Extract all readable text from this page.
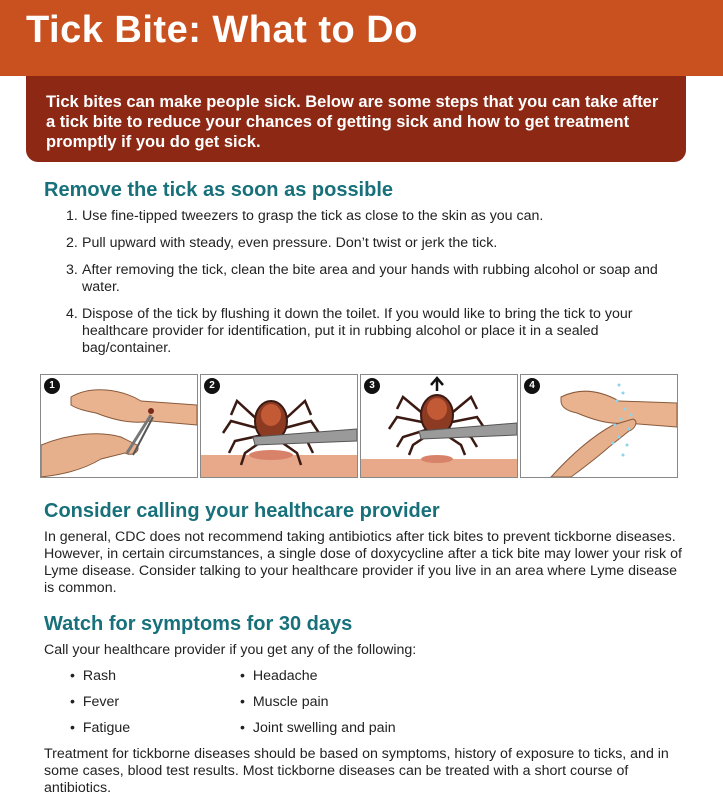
Tick Bite: What to Do

Tick bites can make people sick. Below are some steps that you can take after a tick bite to reduce your chances of getting sick and how to get treatment promptly if you do get sick.

Remove the tick as soon as possible
1. Use fine-tipped tweezers to grasp the tick as close to the skin as you can.
2. Pull upward with steady, even pressure. Don’t twist or jerk the tick.
3. After removing the tick, clean the bite area and your hands with rubbing alcohol or soap and water.
4. Dispose of the tick by flushing it down the toilet. If you would like to bring the tick to your healthcare provider for identification, put it in rubbing alcohol or place it in a sealed bag/container.
1	2	3	4
Consider calling your healthcare provider

In general, CDC does not recommend taking antibiotics after tick bites to prevent tickborne diseases. However, in certain circumstances, a single dose of doxycycline after a tick bite may lower your risk of Lyme disease. Consider talking to your healthcare provider if you live in an area where Lyme disease is common.

Watch for symptoms for 30 days

Call your healthcare provider if you get any of the following:

•  Rash
•  Fever
•  Fatigue
•  Headache
•  Muscle pain
•  Joint swelling and pain

Treatment for tickborne diseases should be based on symptoms, history of exposure to ticks, and in some cases, blood test results. Most tickborne diseases can be treated with a short course of antibiotics.
